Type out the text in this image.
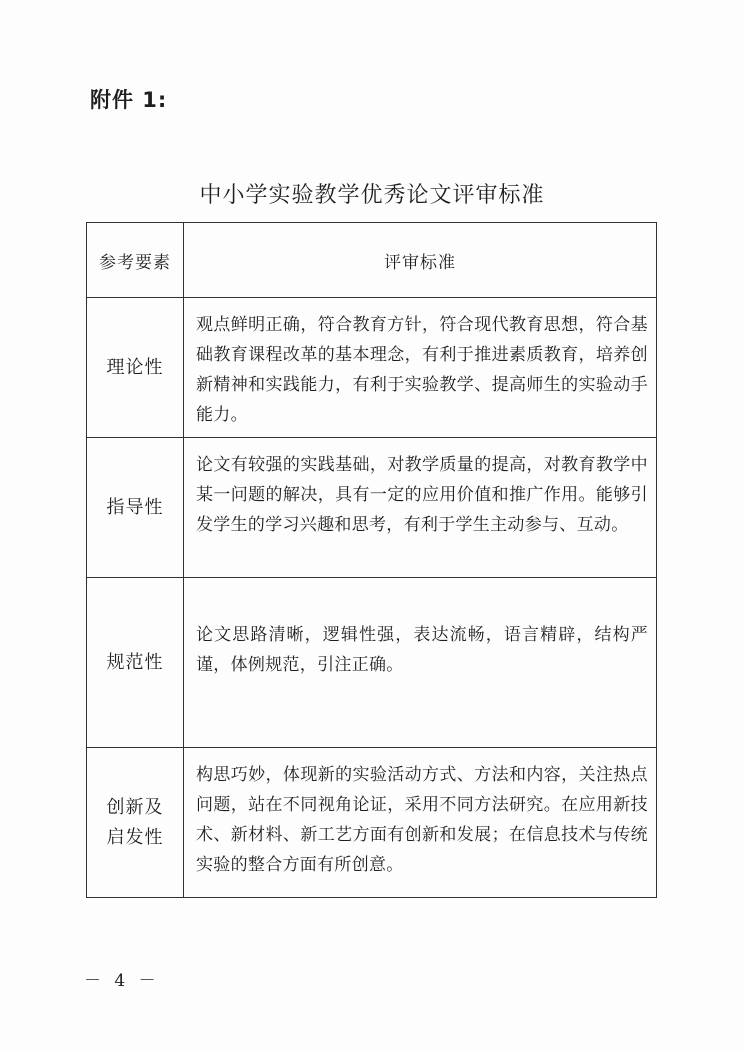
附件 1:
中小学实验教学优秀论文评审标准
参考要素	评审标准
理论性	观点鲜明正确，符合教育方针，符合现代教育思想，符合基础教育课程改革的基本理念，有利于推进素质教育，培养创新精神和实践能力，有利于实验教学、提高师生的实验动手能力。
指导性	论文有较强的实践基础，对教学质量的提高，对教育教学中某一问题的解决，具有一定的应用价值和推广作用。能够引发学生的学习兴趣和思考，有利于学生主动参与、互动。
规范性	论文思路清晰，逻辑性强，表达流畅，语言精辟，结构严谨，体例规范，引注正确。
创新及启发性	构思巧妙，体现新的实验活动方式、方法和内容，关注热点问题，站在不同视角论证，采用不同方法研究。在应用新技术、新材料、新工艺方面有创新和发展；在信息技术与传统实验的整合方面有所创意。
－ 4 －
